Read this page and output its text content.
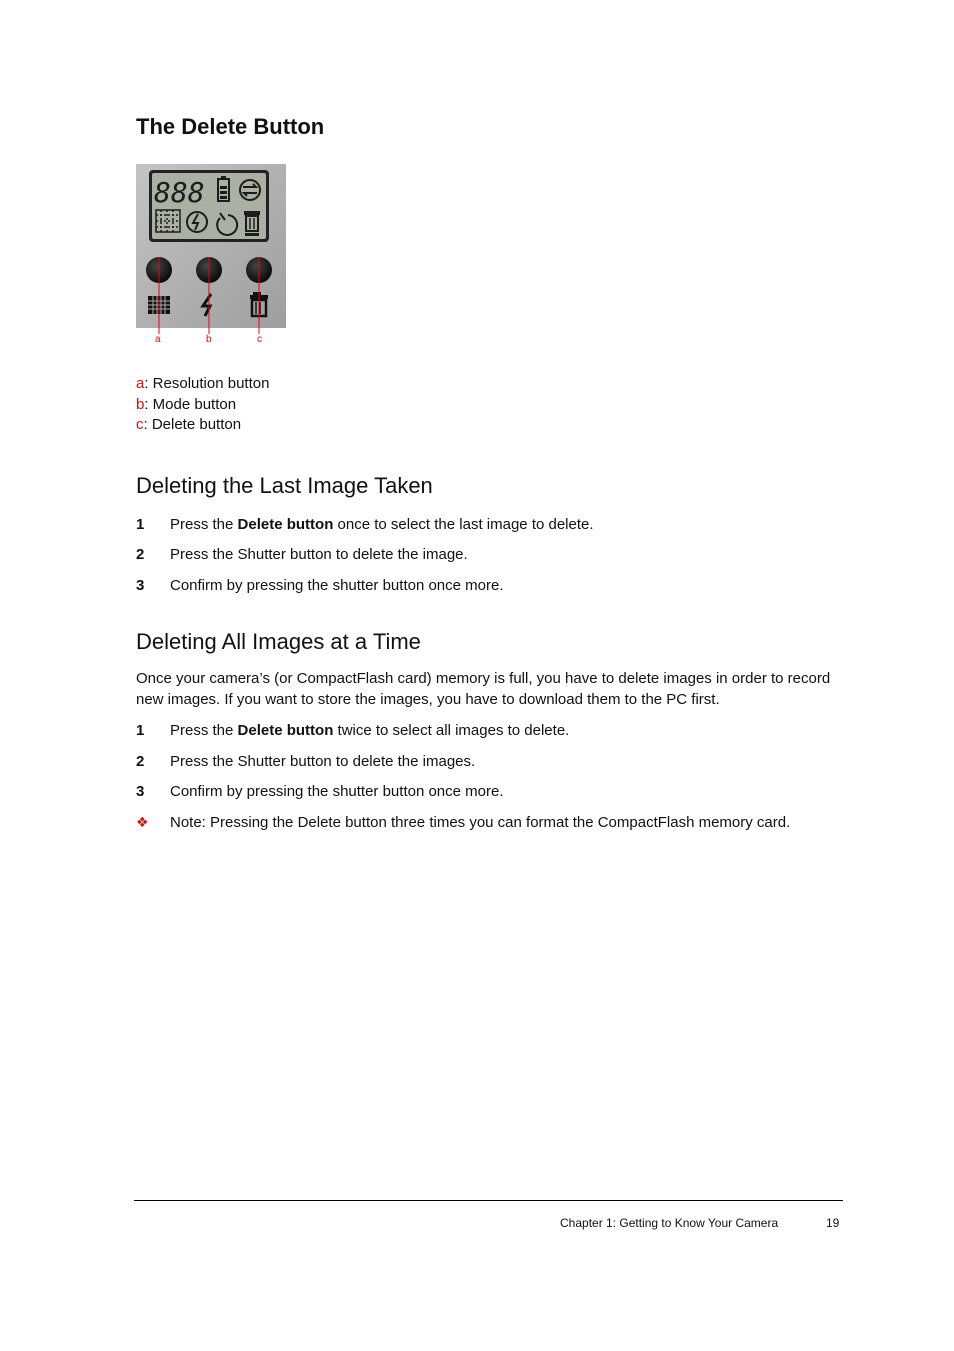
The Delete Button
888
a	b	c
a: Resolution button
b: Mode button
c: Delete button
Deleting the Last Image Taken
1 Press the Delete button once to select the last image to delete.
2 Press the Shutter button to delete the image.
3 Confirm by pressing the shutter button once more.
Deleting All Images at a Time

Once your camera’s (or CompactFlash card) memory is full, you have to delete images in order to record new images. If you want to store the images, you have to download them to the PC first.

1 Press the Delete button twice to select all images to delete.
2 Press the Shutter button to delete the images.
3 Confirm by pressing the shutter button once more.
❖ Note: Pressing the Delete button three times you can format the CompactFlash memory card.
Chapter 1: Getting to Know Your Camera	19
